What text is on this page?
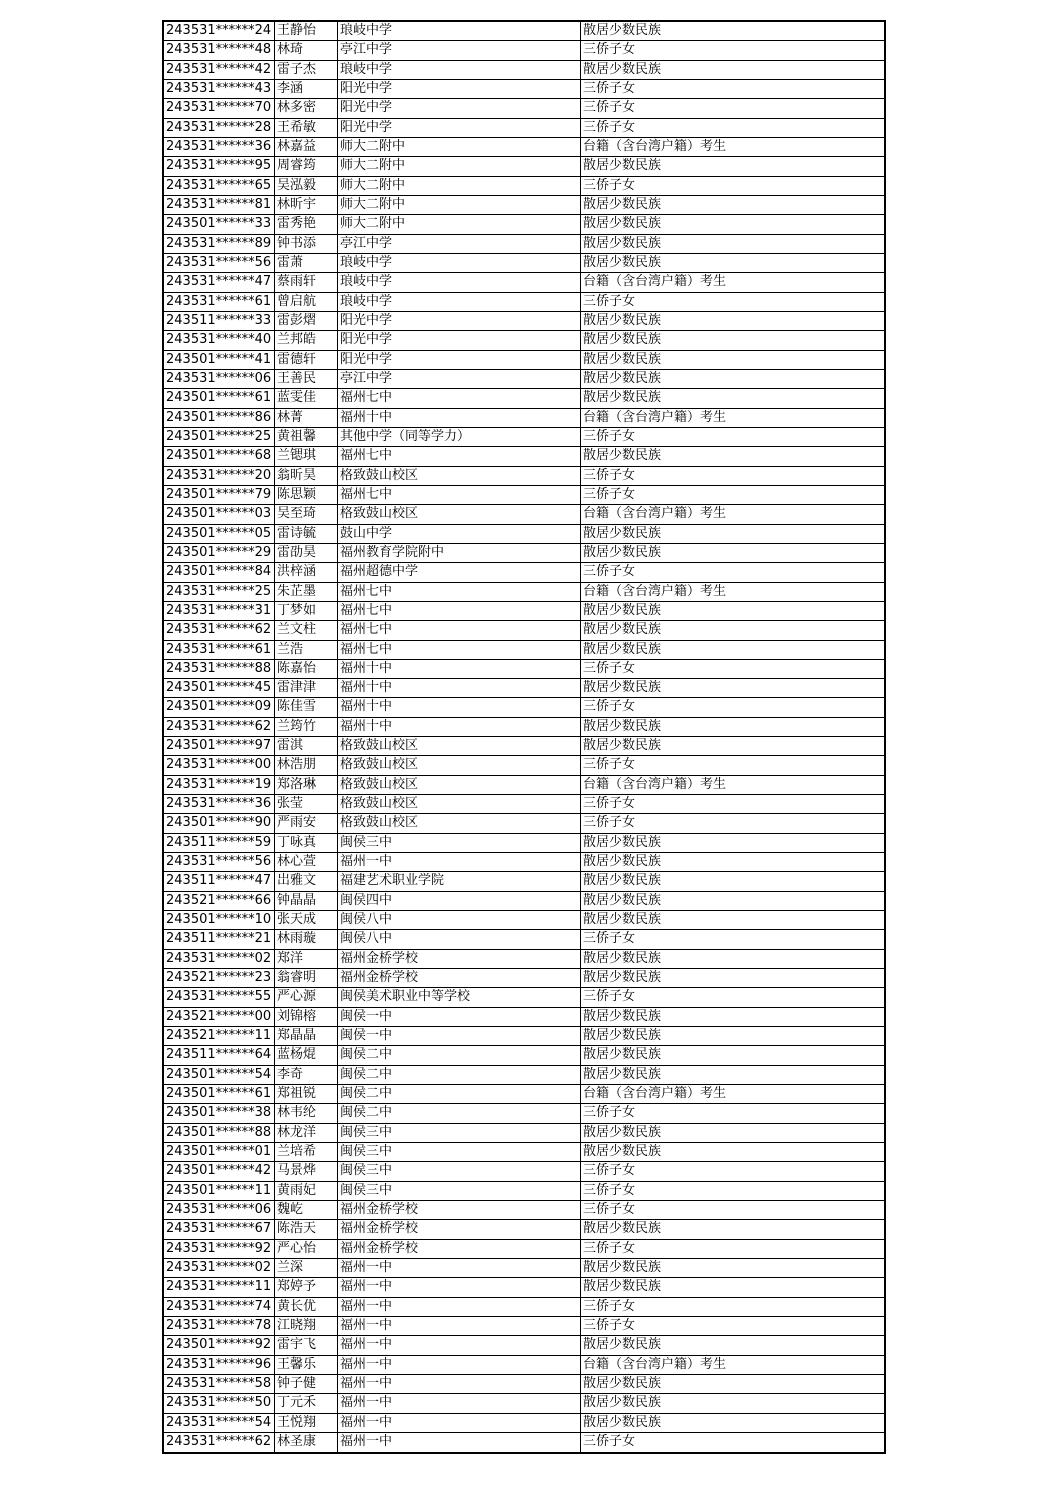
243531******24 王静怡	琅岐中学	散居少数民族
243531******48 林琦	亭江中学	三侨子女
243531******42 雷子杰	琅岐中学	散居少数民族
243531******43 李涵	阳光中学	三侨子女
243531******70 林多密	阳光中学	三侨子女
243531******28 王希敏	阳光中学	三侨子女
243531******36 林嘉益	师大二附中	台籍（含台湾户籍）考生
243531******95 周睿筠	师大二附中	散居少数民族
243531******65 吴泓毅	师大二附中	三侨子女
243531******81 林昕宇	师大二附中	散居少数民族
243501******33 雷秀艳	师大二附中	散居少数民族
243531******89 钟书添	亭江中学	散居少数民族
243531******56 雷萧	琅岐中学	散居少数民族
243531******47 蔡雨轩	琅岐中学	台籍（含台湾户籍）考生
243531******61 曾启航	琅岐中学	三侨子女
243511******33 雷彭熠	阳光中学	散居少数民族
243531******40 兰邦皓	阳光中学	散居少数民族
243501******41 雷德轩	阳光中学	散居少数民族
243531******06 王善民	亭江中学	散居少数民族
243501******61 蓝雯佳	福州七中	散居少数民族
243501******86 林菁	福州十中	台籍（含台湾户籍）考生
243501******25 黄祖馨	其他中学（同等学力）	三侨子女
243501******68 兰锶琪	福州七中	散居少数民族
243531******20 翁昕昊	格致鼓山校区	三侨子女
243501******79 陈思颖	福州七中	三侨子女
243501******03 吴至琦	格致鼓山校区	台籍（含台湾户籍）考生
243501******05 雷诗毓	鼓山中学	散居少数民族
243501******29 雷劭昊	福州教育学院附中	散居少数民族
243501******84 洪梓涵	福州超德中学	三侨子女
243531******25 朱芷墨	福州七中	台籍（含台湾户籍）考生
243531******31 丁梦如	福州七中	散居少数民族
243531******62 兰文柱	福州七中	散居少数民族
243531******61 兰浩	福州七中	散居少数民族
243531******88 陈嘉怡	福州十中	三侨子女
243501******45 雷津津	福州十中	散居少数民族
243501******09 陈佳雪	福州十中	三侨子女
243531******62 兰筠竹	福州十中	散居少数民族
243501******97 雷淇	格致鼓山校区	散居少数民族
243531******00 林浩朋	格致鼓山校区	三侨子女
243531******19 郑洛琳	格致鼓山校区	台籍（含台湾户籍）考生
243531******36 张莹	格致鼓山校区	三侨子女
243501******90 严雨安	格致鼓山校区	三侨子女
243511******59 丁咏真	闽侯三中	散居少数民族
243531******56 林心萱	福州一中	散居少数民族
243511******47 岀雅文	福建艺术职业学院	散居少数民族
243521******66 钟晶晶	闽侯四中	散居少数民族
243501******10 张天成	闽侯八中	散居少数民族
243511******21 林雨璇	闽侯八中	三侨子女
243531******02 郑洋	福州金桥学校	散居少数民族
243521******23 翁睿明	福州金桥学校	散居少数民族
243531******55 严心源	闽侯美术职业中等学校	三侨子女
243521******00 刘锦榕	闽侯一中	散居少数民族
243521******11 郑晶晶	闽侯一中	散居少数民族
243511******64 蓝杨焜	闽侯二中	散居少数民族
243501******54 李奇	闽侯二中	散居少数民族
243501******61 郑祖锐	闽侯二中	台籍（含台湾户籍）考生
243501******38 林韦纶	闽侯二中	三侨子女
243501******88 林龙洋	闽侯三中	散居少数民族
243501******01 兰培希	闽侯三中	散居少数民族
243501******42 马景烨	闽侯三中	三侨子女
243501******11 黄雨妃	闽侯三中	三侨子女
243531******06 魏屹	福州金桥学校	三侨子女
243531******67 陈浩天	福州金桥学校	散居少数民族
243531******92 严心怡	福州金桥学校	三侨子女
243531******02 兰深	福州一中	散居少数民族
243531******11 郑婷予	福州一中	散居少数民族
243531******74 黄长优	福州一中	三侨子女
243531******78 江晓翔	福州一中	三侨子女
243501******92 雷宇飞	福州一中	散居少数民族
243531******96 王馨乐	福州一中	台籍（含台湾户籍）考生
243531******58 钟子健	福州一中	散居少数民族
243531******50 丁元禾	福州一中	散居少数民族
243531******54 王悦翔	福州一中	散居少数民族
243531******62 林圣康	福州一中	三侨子女
